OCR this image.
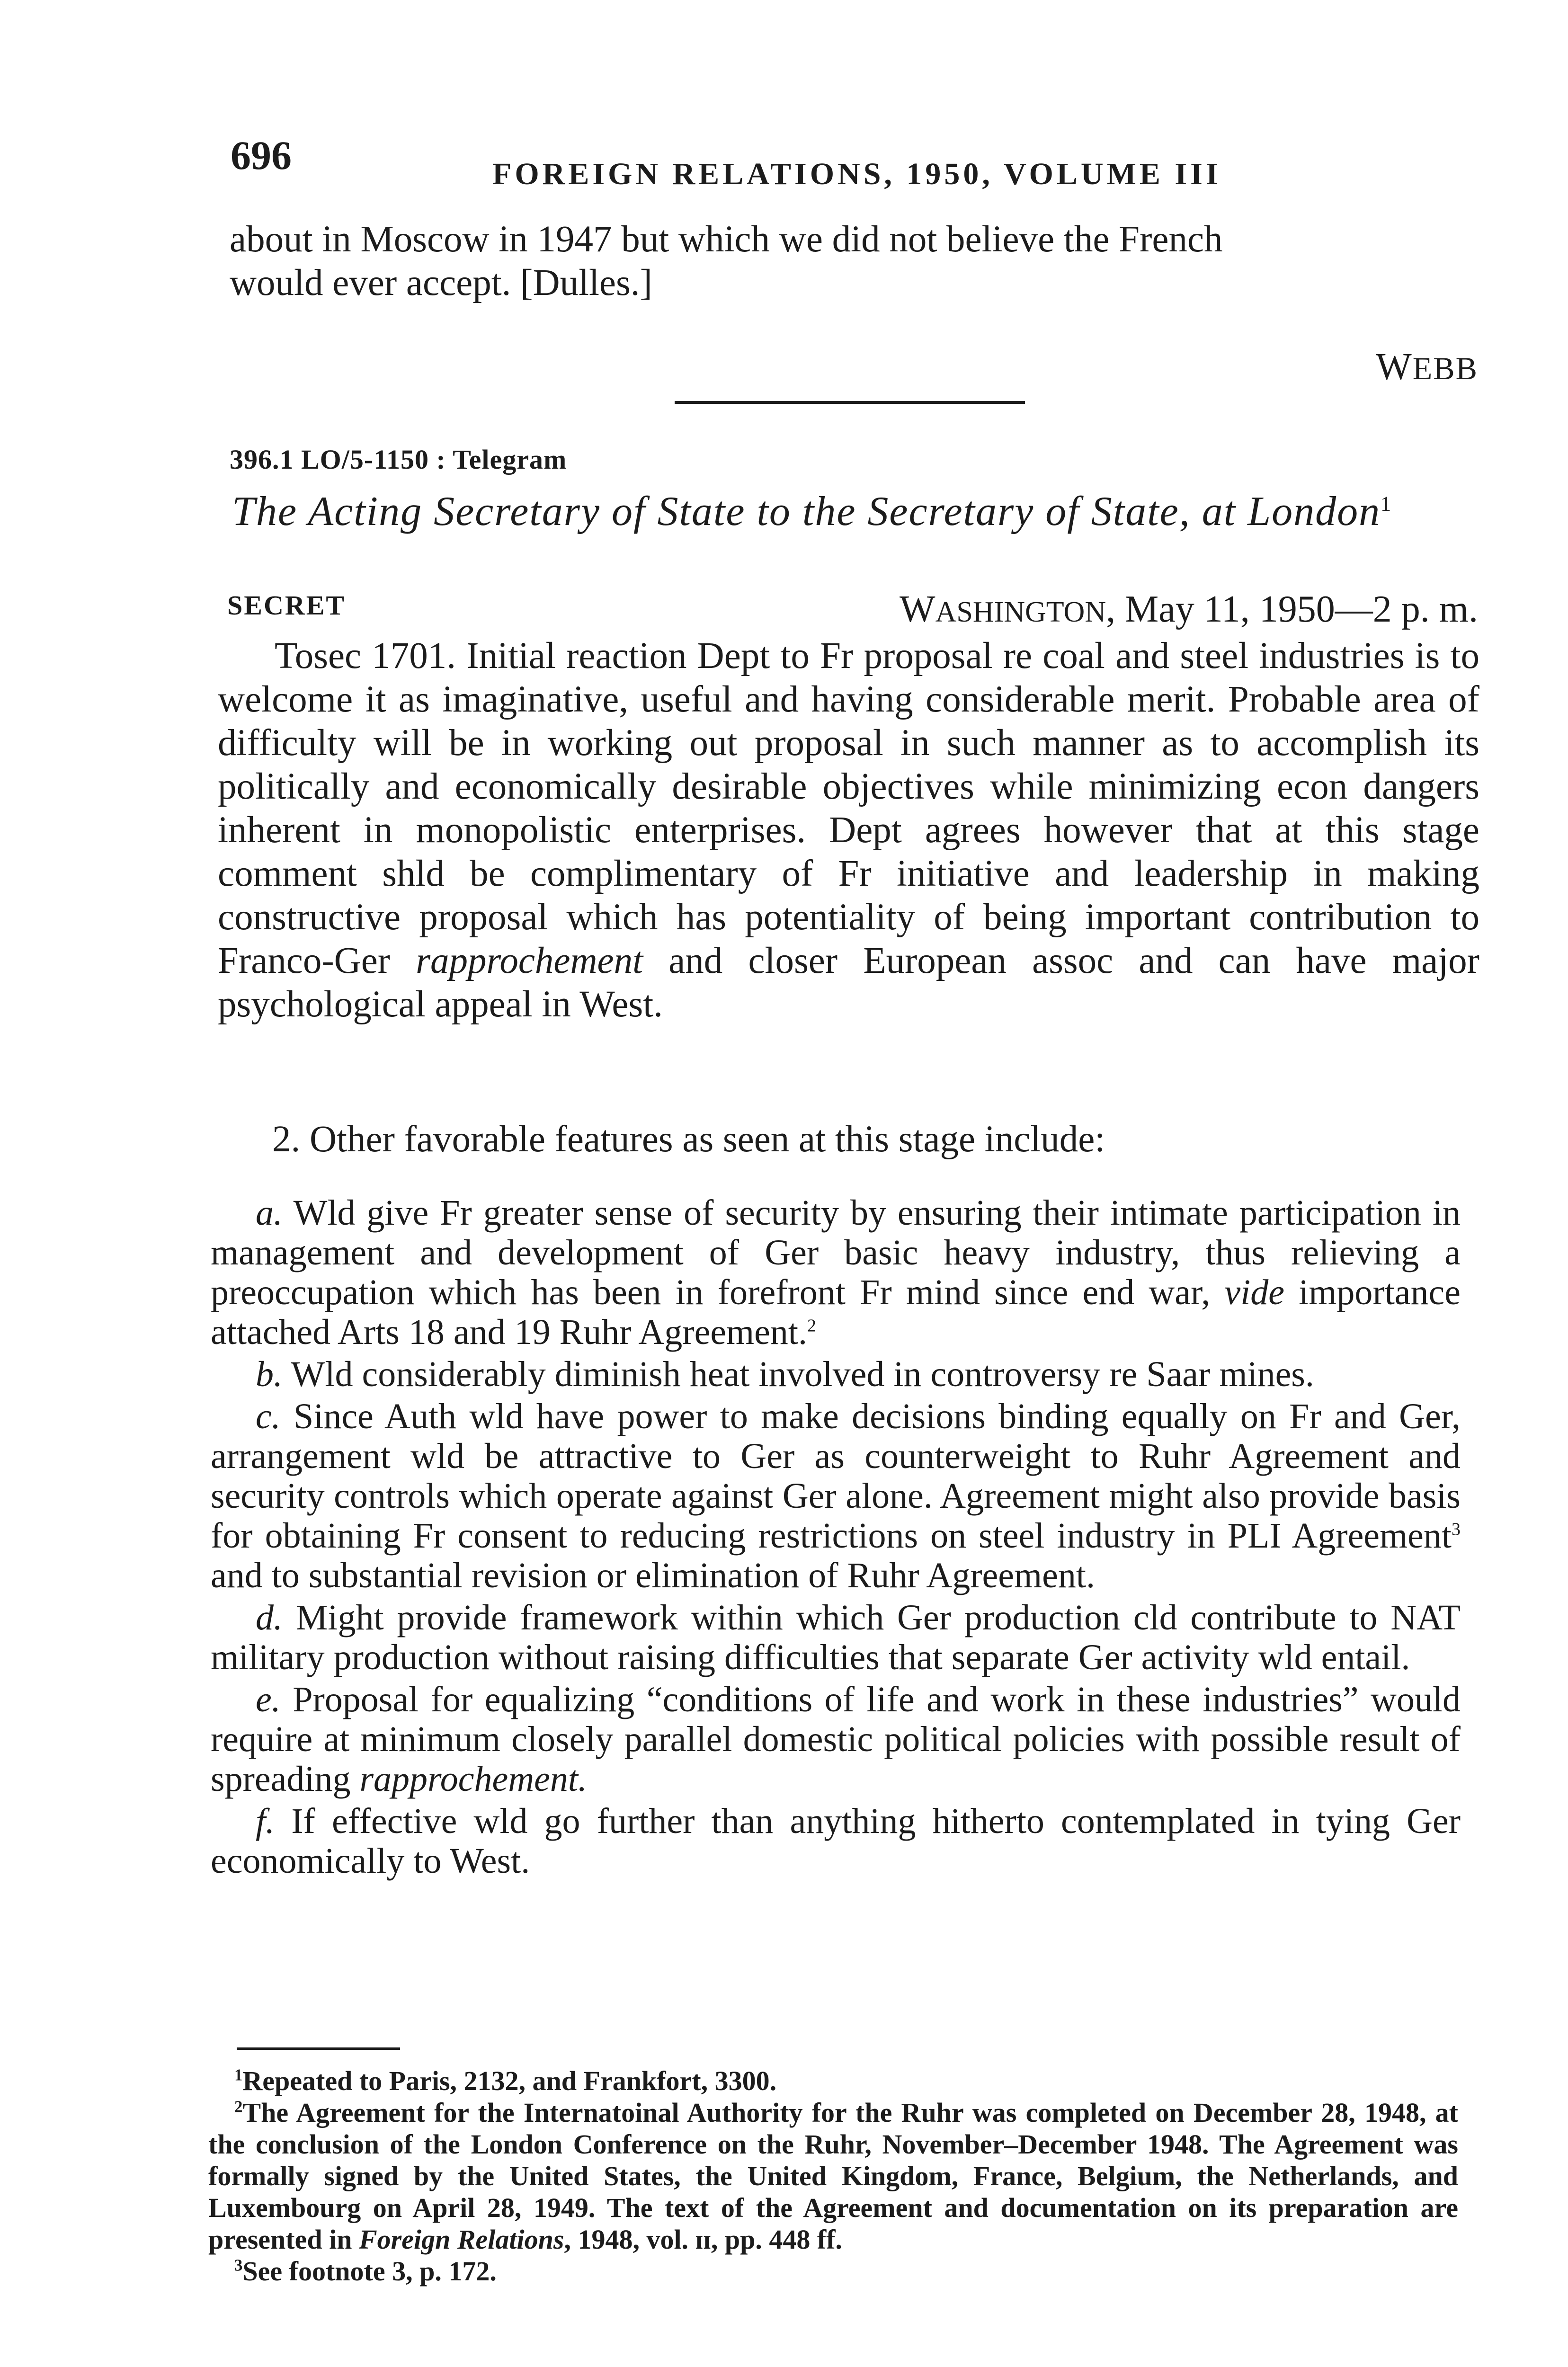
696	FOREIGN RELATIONS, 1950, VOLUME III
about in Moscow in 1947 but which we did not believe the French
would ever accept. [Dulles.]
WEBB
396.1 LO/5-1150 : Telegram
The Acting Secretary of State to the Secretary of State, at London$^1$
SECRET	WASHINGTON, May 11, 1950—2 p. m.
Tosec 1701. Initial reaction Dept to Fr proposal re coal and steel industries is to welcome it as imaginative, useful and having considerable merit. Probable area of difficulty will be in working out proposal in such manner as to accomplish its politically and economically desirable objectives while minimizing econ dangers inherent in monopolistic enterprises. Dept agrees however that at this stage comment shld be complimentary of Fr initiative and leadership in making constructive proposal which has potentiality of being important contribution to Franco-Ger rapprochement and closer European assoc and can have major psychological appeal in West.
2. Other favorable features as seen at this stage include:

a. Wld give Fr greater sense of security by ensuring their intimate participation in management and development of Ger basic heavy industry, thus relieving a preoccupation which has been in forefront Fr mind since end war, vide importance attached Arts 18 and 19 Ruhr Agreement.$^2$

b. Wld considerably diminish heat involved in controversy re Saar mines.

c. Since Auth wld have power to make decisions binding equally on Fr and Ger, arrangement wld be attractive to Ger as counterweight to Ruhr Agreement and security controls which operate against Ger alone. Agreement might also provide basis for obtaining Fr consent to reducing restrictions on steel industry in PLI Agreement$^3$ and to substantial revision or elimination of Ruhr Agreement.

d. Might provide framework within which Ger production cld contribute to NAT military production without raising difficulties that separate Ger activity wld entail.

e. Proposal for equalizing “conditions of life and work in these industries” would require at minimum closely parallel domestic political policies with possible result of spreading rapprochement.

f. If effective wld go further than anything hitherto contemplated in tying Ger economically to West.

$^1$Repeated to Paris, 2132, and Frankfort, 3300.

$^2$The Agreement for the Internatoinal Authority for the Ruhr was completed on December 28, 1948, at the conclusion of the London Conference on the Ruhr, November–December 1948. The Agreement was formally signed by the United States, the United Kingdom, France, Belgium, the Netherlands, and Luxembourg on April 28, 1949. The text of the Agreement and documentation on its preparation are presented in Foreign Relations, 1948, vol. ɪɪ, pp. 448 ff.

$^3$See footnote 3, p. 172.
